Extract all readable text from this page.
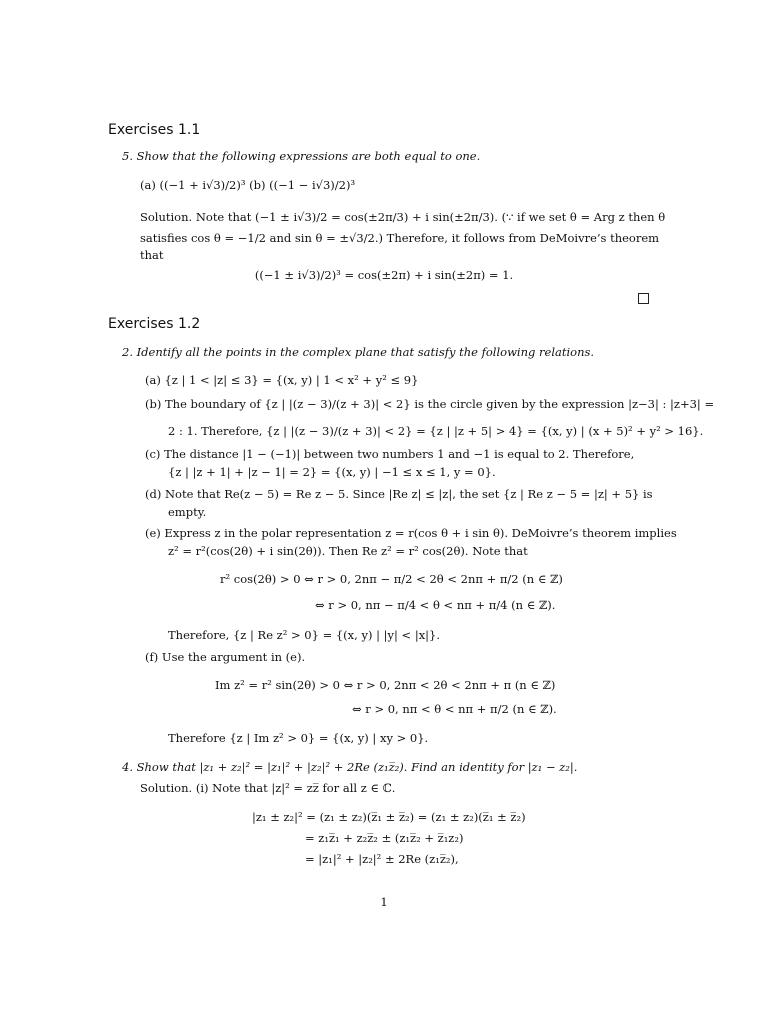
Exercises 1.1
5. Show that the following expressions are both equal to one.
(a) ((−1 + i√3)/2)³ (b) ((−1 − i√3)/2)³
Solution. Note that (−1 ± i√3)/2 = cos(±2π/3) + i sin(±2π/3). (∵ if we set θ = Arg z then θ
satisfies cos θ = −1/2 and sin θ = ±√3/2.) Therefore, it follows from DeMoivre’s theorem
that
((−1 ± i√3)/2)³ = cos(±2π) + i sin(±2π) = 1.
Exercises 1.2
2. Identify all the points in the complex plane that satisfy the following relations.
(a) {z | 1 < |z| ≤ 3} = {(x, y) | 1 < x² + y² ≤ 9}
(b) The boundary of {z | |(z − 3)/(z + 3)| < 2} is the circle given by the expression |z−3| : |z+3| =
2 : 1. Therefore, {z | |(z − 3)/(z + 3)| < 2} = {z | |z + 5| > 4} = {(x, y) | (x + 5)² + y² > 16}.
(c) The distance |1 − (−1)| between two numbers 1 and −1 is equal to 2. Therefore,
{z | |z + 1| + |z − 1| = 2} = {(x, y) | −1 ≤ x ≤ 1, y = 0}.
(d) Note that Re(z − 5) = Re z − 5. Since |Re z| ≤ |z|, the set {z | Re z − 5 = |z| + 5} is
empty.
(e) Express z in the polar representation z = r(cos θ + i sin θ). DeMoivre’s theorem implies
z² = r²(cos(2θ) + i sin(2θ)). Then Re z² = r² cos(2θ). Note that
r² cos(2θ) > 0 ⇔ r > 0, 2nπ − π/2 < 2θ < 2nπ + π/2 (n ∈ ℤ)
⇔ r > 0, nπ − π/4 < θ < nπ + π/4 (n ∈ ℤ).
Therefore, {z | Re z² > 0} = {(x, y) | |y| < |x|}.
(f) Use the argument in (e).
Im z² = r² sin(2θ) > 0 ⇔ r > 0, 2nπ < 2θ < 2nπ + π (n ∈ ℤ)
⇔ r > 0, nπ < θ < nπ + π/2 (n ∈ ℤ).
Therefore {z | Im z² > 0} = {(x, y) | xy > 0}.
4. Show that |z₁ + z₂|² = |z₁|² + |z₂|² + 2Re (z₁z̅₂). Find an identity for |z₁ − z₂|.
Solution. (i) Note that |z|² = zz̅ for all z ∈ ℂ.
|z₁ ± z₂|² = (z₁ ± z₂)(z̅₁ ± z̅₂) = (z₁ ± z₂)(z̅₁ ± z̅₂)
= z₁z̅₁ + z₂z̅₂ ± (z₁z̅₂ + z̅₁z₂)
= |z₁|² + |z₂|² ± 2Re (z₁z̅₂),
1
